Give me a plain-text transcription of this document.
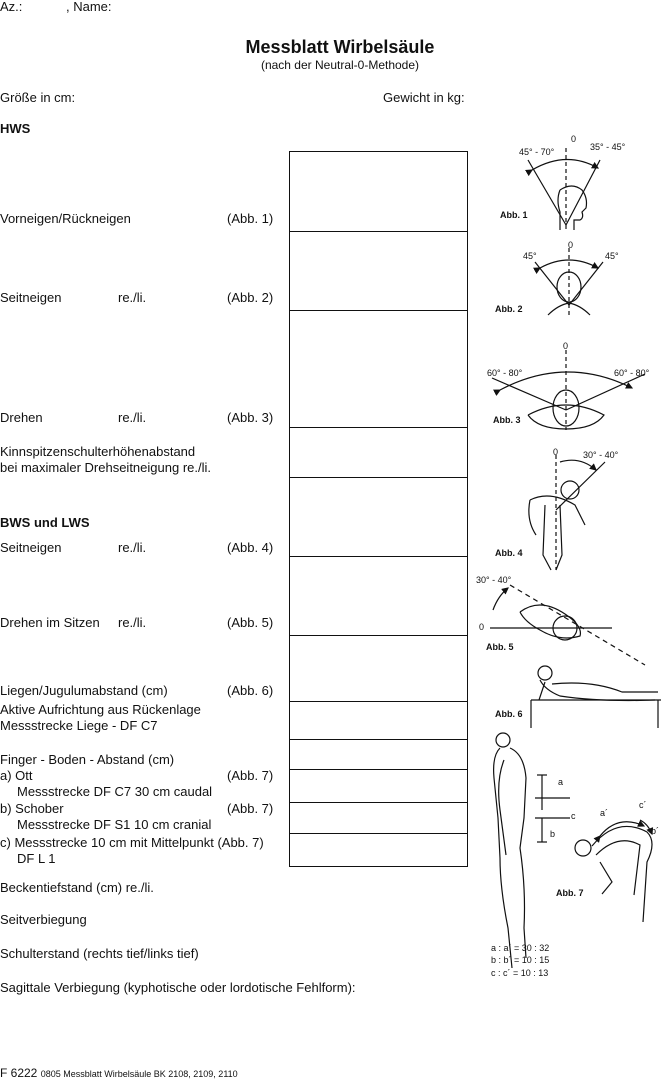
Az.:	, Name:
Messblatt Wirbelsäule
(nach der Neutral-0-Methode)
Größe in cm:	Gewicht in kg:
HWS
Vorneigen/Rückneigen	(Abb. 1)
Seitneigen	re./li.	(Abb. 2)
Drehen	re./li.	(Abb. 3)
Kinnspitzenschulterhöhenabstand
bei maximaler Drehseitneigung re./li.
BWS und LWS
Seitneigen	re./li.	(Abb. 4)
Drehen im Sitzen re./li.	(Abb. 5)
Liegen/Jugulumabstand (cm)	(Abb. 6)
Aktive Aufrichtung aus Rückenlage
Messstrecke Liege - DF C7
Finger - Boden - Abstand (cm)
a) Ott	(Abb. 7)
Messstrecke DF C7 30 cm caudal
b) Schober	(Abb. 7)
Messstrecke DF S1 10 cm cranial
c) Messstrecke 10 cm mit Mittelpunkt (Abb. 7)
DF L 1
Beckentiefstand (cm) re./li.
Seitverbiegung
Schulterstand (rechts tief/links tief)
Sagittale Verbiegung (kyphotische oder lordotische Fehlform):
0
45° - 70°	35° - 45°
Abb. 1
0
45°	45°
Abb. 2
0
60° - 80°	60° - 80°
Abb. 3
0	30° - 40°
Abb. 4
30° - 40°
0
Abb. 5
Abb. 6
a
c
b
a´
c´
b´
Abb. 7
a : a´ = 30 : 32
b : b´ = 10 : 15
c : c´ = 10 : 13
F 6222 0805 Messblatt Wirbelsäule BK 2108, 2109, 2110
